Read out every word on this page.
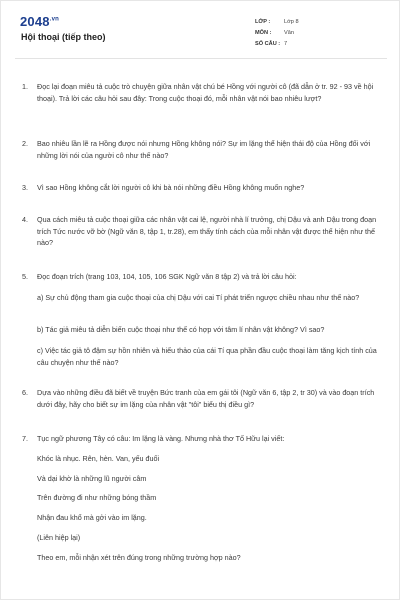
$2048^{.vn}$
Hội thoại (tiếp theo)
LỚP :	Lớp 8
MÔN :	Văn
SỐ CÂU : 7
1.	Đọc lại đoạn miêu tả cuộc trò chuyện giữa nhân vật chú bé Hồng với người cô (đã dẫn ở tr. 92 - 93 về hội thoại). Trả lời các câu hỏi sau đây: Trong cuộc thoại đó, mỗi nhân vật nói bao nhiêu lượt?
2.	Bao nhiêu lần lẽ ra Hồng được nói nhưng Hồng không nói? Sự im lặng thể hiện thái độ của Hồng đối với những lời nói của người cô như thế nào?
3.	Vì sao Hồng không cắt lời người cô khi bà nói những điều Hồng không muốn nghe?
4.	Qua cách miêu tả cuộc thoại giữa các nhân vật cai lệ, người nhà lí trưởng, chị Dậu và anh Dậu trong đoạn trích Tức nước vỡ bờ (Ngữ văn 8, tập 1, tr.28), em thấy tính cách của mỗi nhân vật được thể hiện như thế nào?
5.	Đọc đoạn trích (trang 103, 104, 105, 106 SGK Ngữ văn 8 tập 2) và trả lời câu hỏi:
a) Sự chủ động tham gia cuộc thoại của chị Dậu với cai Tí phát triển ngược chiều nhau như thế nào?
b) Tác giả miêu tả diễn biến cuộc thoại như thế có hợp với tâm lí nhân vật không? Vì sao?
c) Việc tác giả tô đậm sự hồn nhiên và hiếu thảo của cái Tí qua phần đầu cuộc thoại làm tăng kịch tính của câu chuyện như thế nào?
6.	Dựa vào những điều đã biết về truyện Bức tranh của em gái tôi (Ngữ văn 6, tập 2, tr 30) và vào đoạn trích dưới đây, hãy cho biết sự im lặng của nhân vật "tôi" biểu thị điều gì?
7.	Tục ngữ phương Tây có câu: Im lặng là vàng. Nhưng nhà thơ Tố Hữu lại viết:
Khóc là nhục. Rên, hèn. Van, yếu đuối
Và dại khờ là những lũ người câm
Trên đường đi như những bóng thầm
Nhận đau khổ mà gởi vào im lặng.
(Liên hiệp lại)
Theo em, mỗi nhận xét trên đúng trong những trường hợp nào?
